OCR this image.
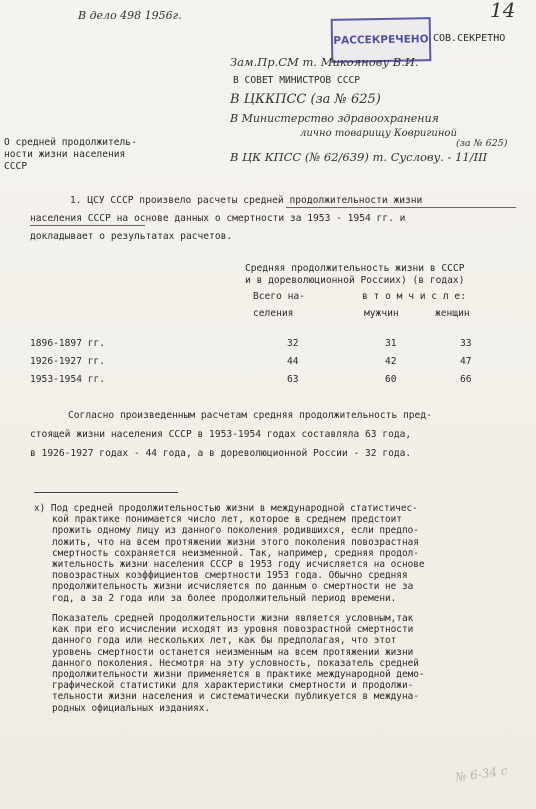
В дело 498 1956г.	14
РАССЕКРЕЧЕНО СОВ.СЕКРЕТНО
Зам.Пр.СМ т. Микоянову В.И.
В СОВЕТ МИНИСТРОВ СССР
В ЦККПСС (за № 625)
В Министерство здравоохранения
лично товарищу Ковригиной
(за № 625)
В ЦК КПСС (№ 62/639) т. Суслову. - 11/III
О средней продолжитель-
ности жизни населения
СССР
1. ЦСУ СССР произвело расчеты средней продолжительности жизни
населения СССР на основе данных о смертности за 1953 - 1954 гг. и
докладывает о результатах расчетов.
Средняя продолжительность жизни в СССР
и в дореволюционной Россииx) (в годах)
Всего на-
селения
в т о м ч и с л е:
мужчин	женщин
1896-1897 гг.	32	31	33
1926-1927 гг.	44	42	47
1953-1954 гг.	63	60	66
Согласно произведенным расчетам средняя продолжительность пред-
стоящей жизни населения СССР в 1953-1954 годах составляла 63 года,
в 1926-1927 годах - 44 года, а в дореволюционной России - 32 года.
x) Под средней продолжительностью жизни в международной статистичес-
кой практике понимается число лет, которое в среднем предстоит
прожить одному лицу из данного поколения родившихся, если предпо-
ложить, что на всем протяжении жизни этого поколения повозрастная
смертность сохраняется неизменной. Так, например, средняя продол-
жительность жизни населения СССР в 1953 году исчисляется на основе
повозрастных коэффициентов смертности 1953 года. Обычно средняя
продолжительность жизни исчисляется по данным о смертности не за
год, а за 2 года или за более продолжительный период времени.
Показатель средней продолжительности жизни является условным,так
как при его исчислении исходят из уровня повозрастной смертности
данного года или нескольких лет, как бы предполагая, что этот
уровень смертности останется неизменным на всем протяжении жизни
данного поколения. Несмотря на эту условность, показатель средней
продолжительности жизни применяется в практике международной демо-
графической статистики для характеристики смертности и продолжи-
тельности жизни населения и систематически публикуется в междуна-
родных официальных изданиях.
№ 6-34 с
